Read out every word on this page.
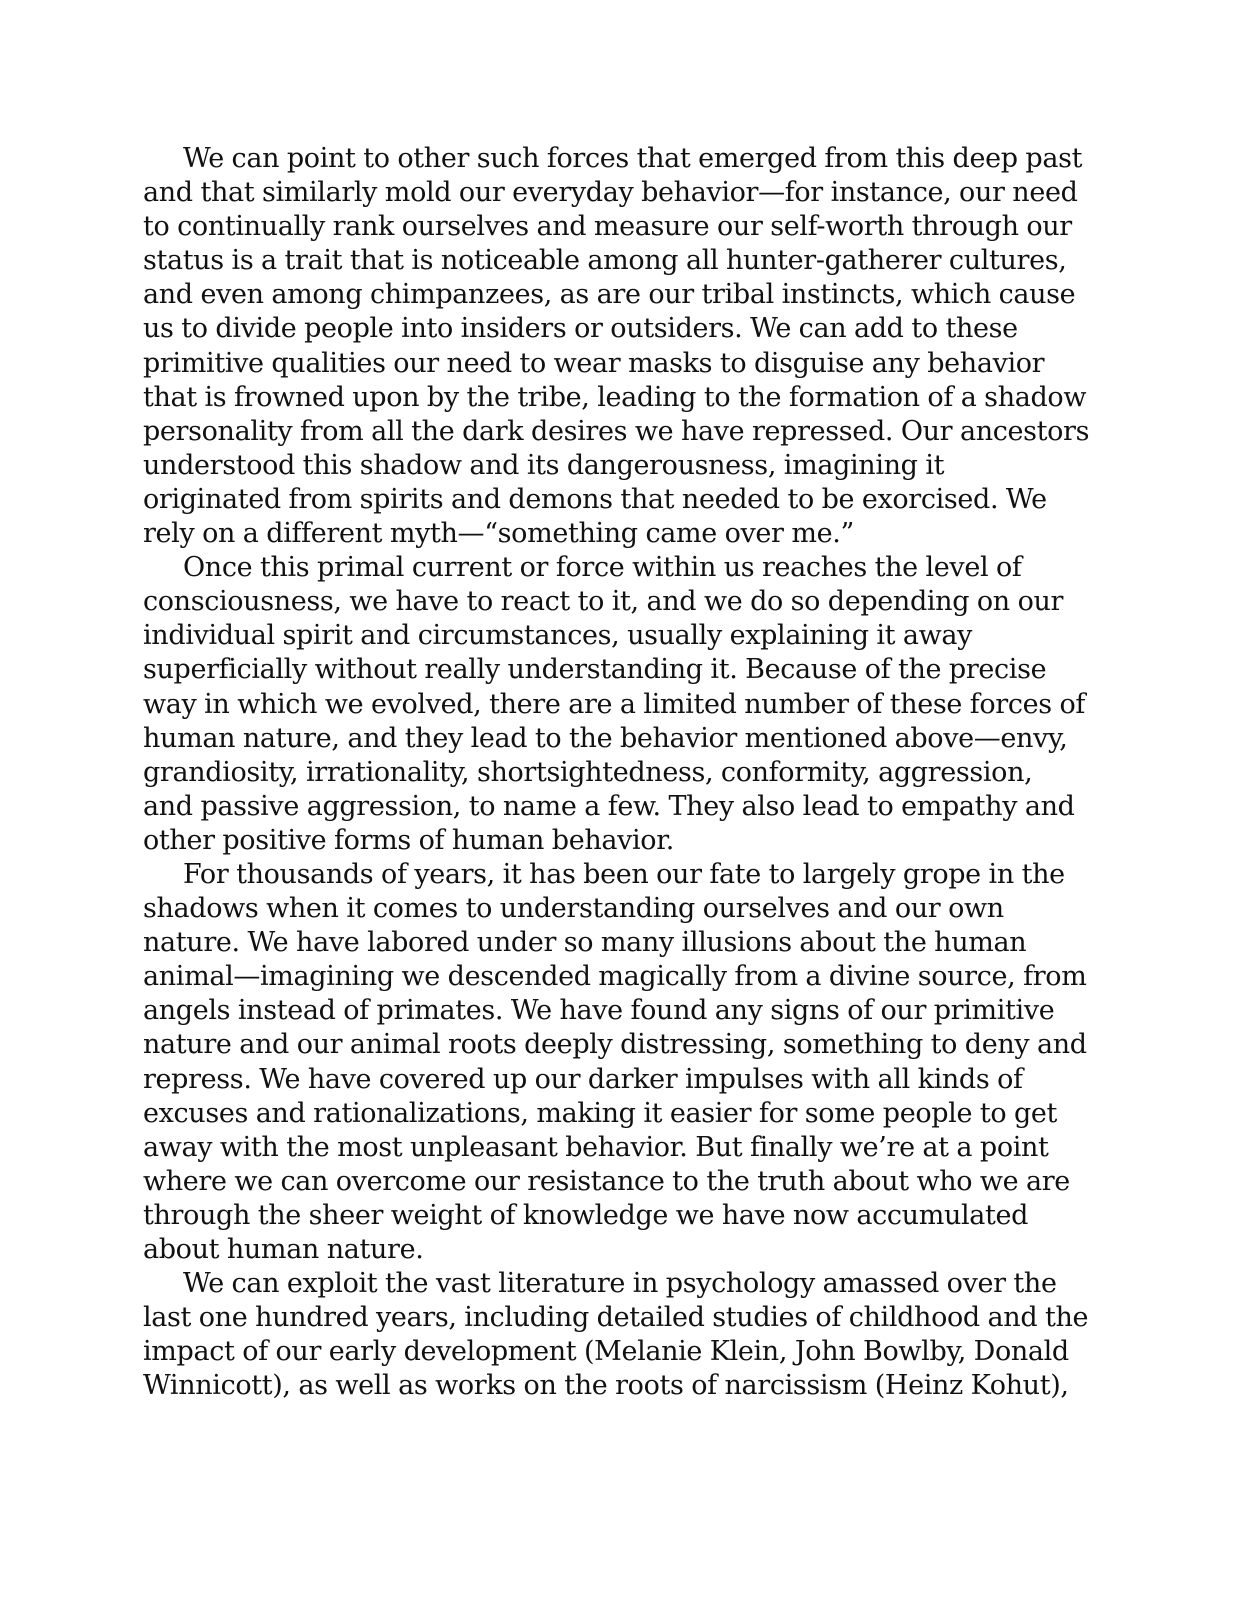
We can point to other such forces that emerged from this deep past
and that similarly mold our everyday behavior—for instance, our need
to continually rank ourselves and measure our self-worth through our
status is a trait that is noticeable among all hunter-gatherer cultures,
and even among chimpanzees, as are our tribal instincts, which cause
us to divide people into insiders or outsiders. We can add to these
primitive qualities our need to wear masks to disguise any behavior
that is frowned upon by the tribe, leading to the formation of a shadow
personality from all the dark desires we have repressed. Our ancestors
understood this shadow and its dangerousness, imagining it
originated from spirits and demons that needed to be exorcised. We
rely on a different myth—“something came over me.”

Once this primal current or force within us reaches the level of
consciousness, we have to react to it, and we do so depending on our
individual spirit and circumstances, usually explaining it away
superficially without really understanding it. Because of the precise
way in which we evolved, there are a limited number of these forces of
human nature, and they lead to the behavior mentioned above—envy,
grandiosity, irrationality, shortsightedness, conformity, aggression,
and passive aggression, to name a few. They also lead to empathy and
other positive forms of human behavior.

For thousands of years, it has been our fate to largely grope in the
shadows when it comes to understanding ourselves and our own
nature. We have labored under so many illusions about the human
animal—imagining we descended magically from a divine source, from
angels instead of primates. We have found any signs of our primitive
nature and our animal roots deeply distressing, something to deny and
repress. We have covered up our darker impulses with all kinds of
excuses and rationalizations, making it easier for some people to get
away with the most unpleasant behavior. But finally we’re at a point
where we can overcome our resistance to the truth about who we are
through the sheer weight of knowledge we have now accumulated
about human nature.

We can exploit the vast literature in psychology amassed over the
last one hundred years, including detailed studies of childhood and the
impact of our early development (Melanie Klein, John Bowlby, Donald
Winnicott), as well as works on the roots of narcissism (Heinz Kohut),
